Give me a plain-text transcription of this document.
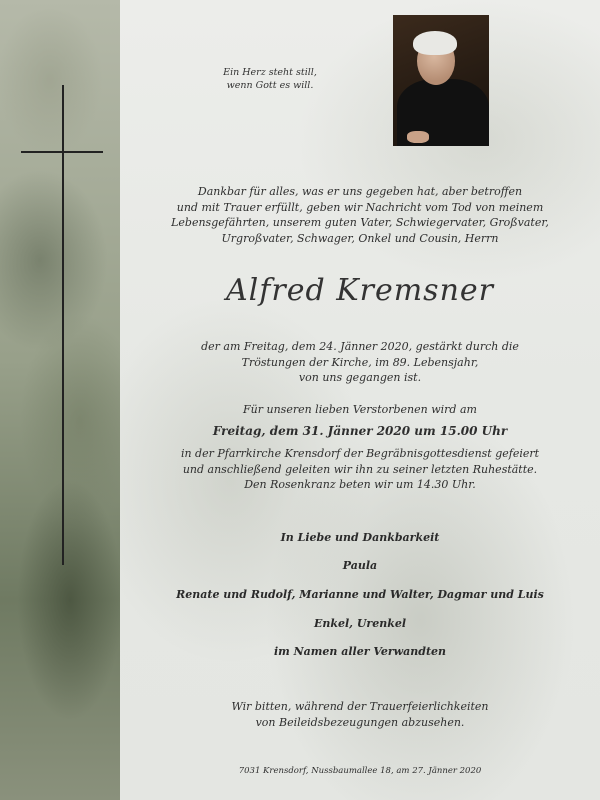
Ein Herz steht still,
wenn Gott es will.
Dankbar für alles, was er uns gegeben hat, aber betroffen
und mit Trauer erfüllt, geben wir Nachricht vom Tod von meinem
Lebensgefährten, unserem guten Vater, Schwiegervater, Großvater,
Urgroßvater, Schwager, Onkel und Cousin, Herrn
Alfred Kremsner
der am Freitag, dem 24. Jänner 2020, gestärkt durch die
Tröstungen der Kirche, im 89. Lebensjahr,
von uns gegangen ist.
Für unseren lieben Verstorbenen wird am
Freitag, dem 31. Jänner 2020 um 15.00 Uhr
in der Pfarrkirche Krensdorf der Begräbnisgottesdienst gefeiert
und anschließend geleiten wir ihn zu seiner letzten Ruhestätte.
Den Rosenkranz beten wir um 14.30 Uhr.
In Liebe und Dankbarkeit
Paula
Renate und Rudolf, Marianne und Walter, Dagmar und Luis
Enkel, Urenkel
im Namen aller Verwandten
Wir bitten, während der Trauerfeierlichkeiten
von Beileidsbezeugungen abzusehen.
7031 Krensdorf, Nussbaumallee 18, am 27. Jänner 2020
